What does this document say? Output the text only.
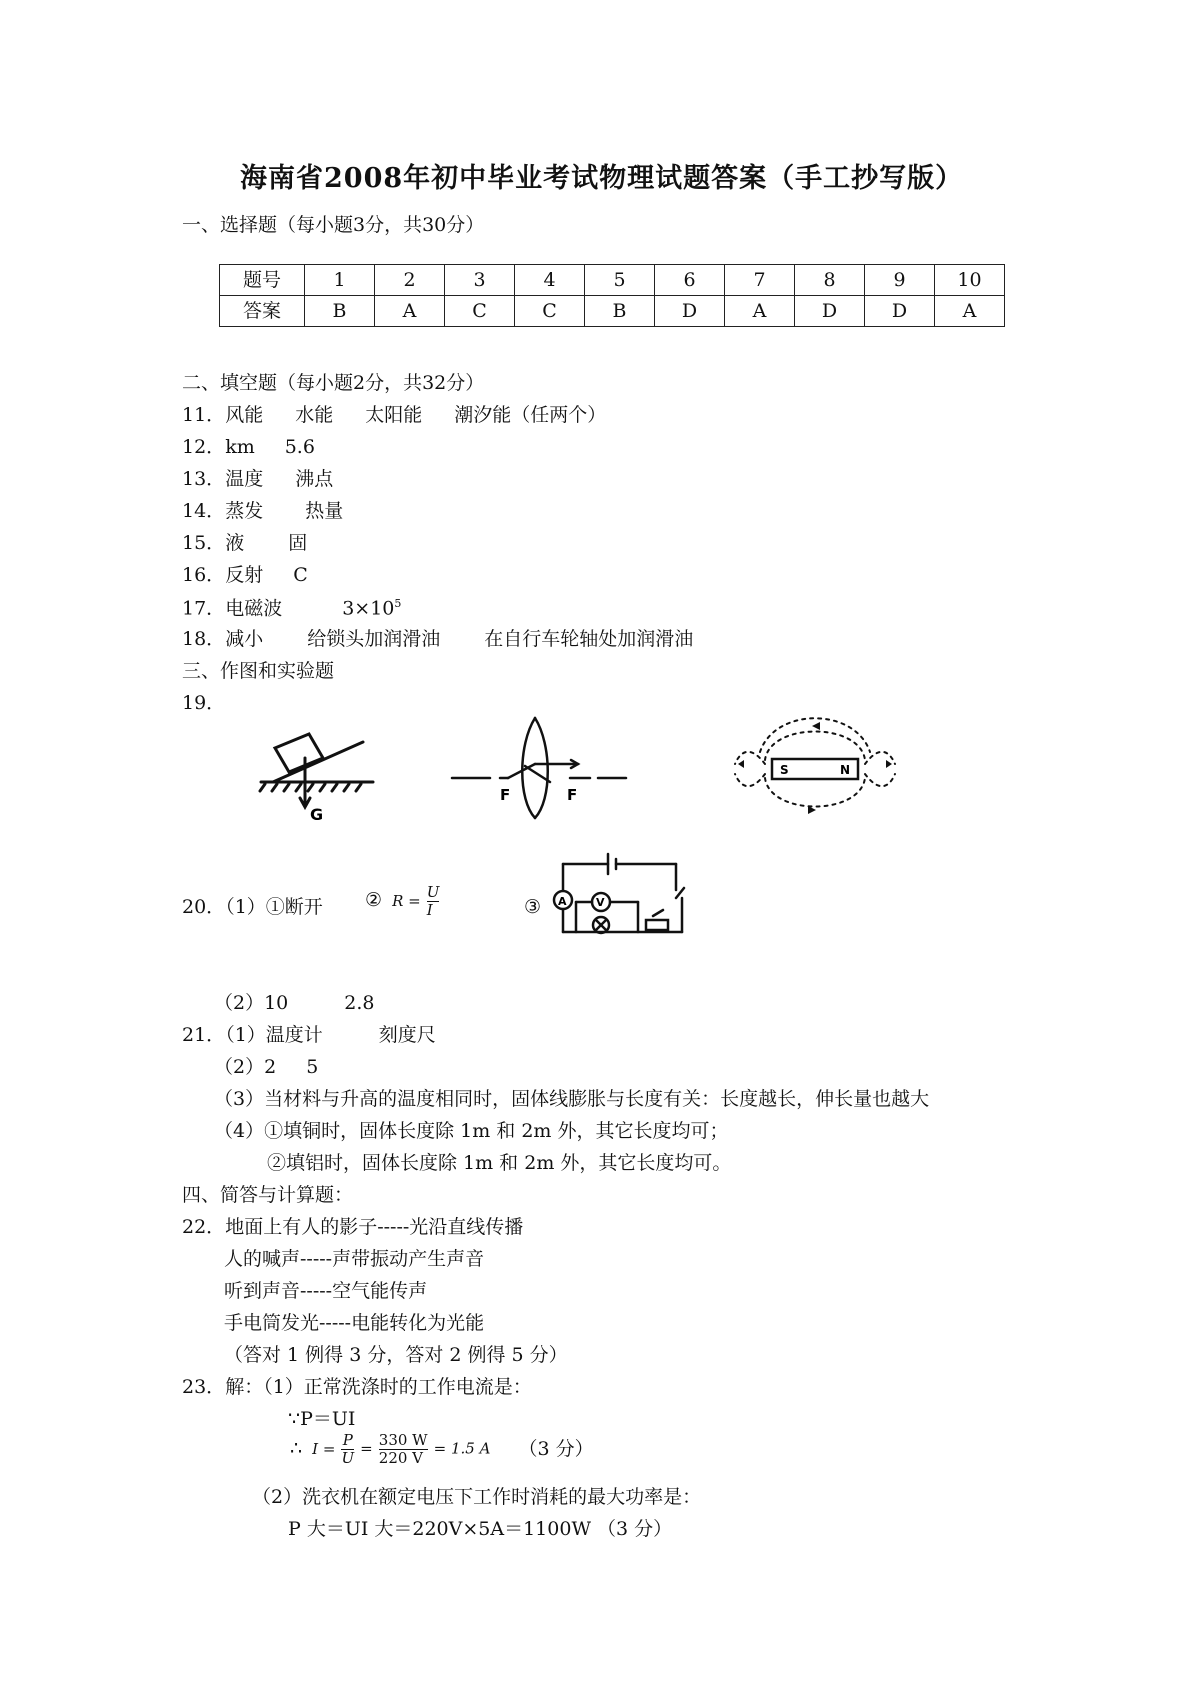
海南省2008年初中毕业考试物理试题答案（手工抄写版）
一、选择题（每小题3分，共30分）
题号	1	2	3	4	5	6	7	8	9	10
答案	B	A	C	C	B	D	A	D	D	A
二、填空题（每小题2分，共32分）
11．风能 水能 太阳能 潮汐能（任两个）
12．km 5.6
13．温度 沸点
14．蒸发 热量
15．液 固
16．反射 C
17．电磁波	$3\times 10^5$
18．减小 给锁头加润滑油 在自行车轮轴处加润滑油
三、作图和实验题
19．
G
F	F
S	N
20．（1）①断开 ② $R = \frac{U}{I}$	③ A	V
（2）10	2.8
21．（1）温度计	刻度尺
（2）2 5
（3）当材料与升高的温度相同时，固体线膨胀与长度有关：长度越长，伸长量也越大
（4）①填铜时，固体长度除 1m 和 2m 外，其它长度均可；
②填铝时，固体长度除 1m 和 2m 外，其它长度均可。
四、简答与计算题：
22．地面上有人的影子-----光沿直线传播
人的喊声-----声带振动产生声音
听到声音-----空气能传声
手电筒发光-----电能转化为光能
（答对 1 例得 3 分，答对 2 例得 5 分）
23．解：（1）正常洗涤时的工作电流是：
∵P＝UI
∴ $I = \frac{P}{U} = \frac{330 W}{220 V} = 1.5$ A （3 分）
（2）洗衣机在额定电压下工作时消耗的最大功率是：
P 大＝UI 大＝220V×5A＝1100W （3 分）
